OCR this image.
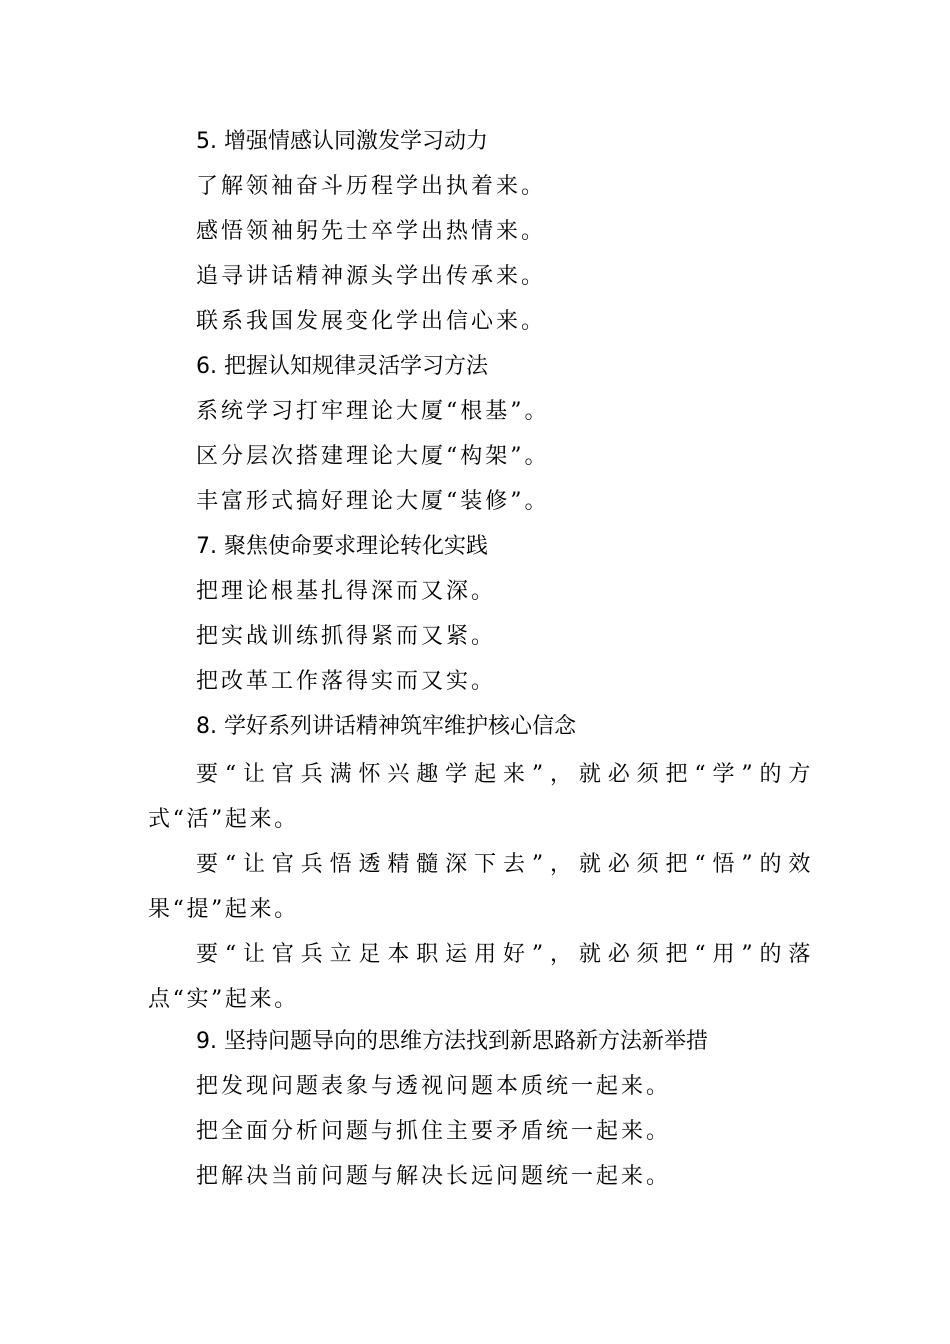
5. 增强情感认同激发学习动力
了解领袖奋斗历程学出执着来。
感悟领袖躬先士卒学出热情来。
追寻讲话精神源头学出传承来。
联系我国发展变化学出信心来。
6. 把握认知规律灵活学习方法
系统学习打牢理论大厦“根基”。
区分层次搭建理论大厦“构架”。
丰富形式搞好理论大厦“装修”。
7. 聚焦使命要求理论转化实践
把理论根基扎得深而又深。
把实战训练抓得紧而又紧。
把改革工作落得实而又实。
8. 学好系列讲话精神筑牢维护核心信念

要“让官兵满怀兴趣学起来”，就必须把“学”的方式“活”起来。

要“让官兵悟透精髓深下去”，就必须把“悟”的效果“提”起来。

要“让官兵立足本职运用好”，就必须把“用”的落点“实”起来。

9. 坚持问题导向的思维方法找到新思路新方法新举措
把发现问题表象与透视问题本质统一起来。
把全面分析问题与抓住主要矛盾统一起来。
把解决当前问题与解决长远问题统一起来。
